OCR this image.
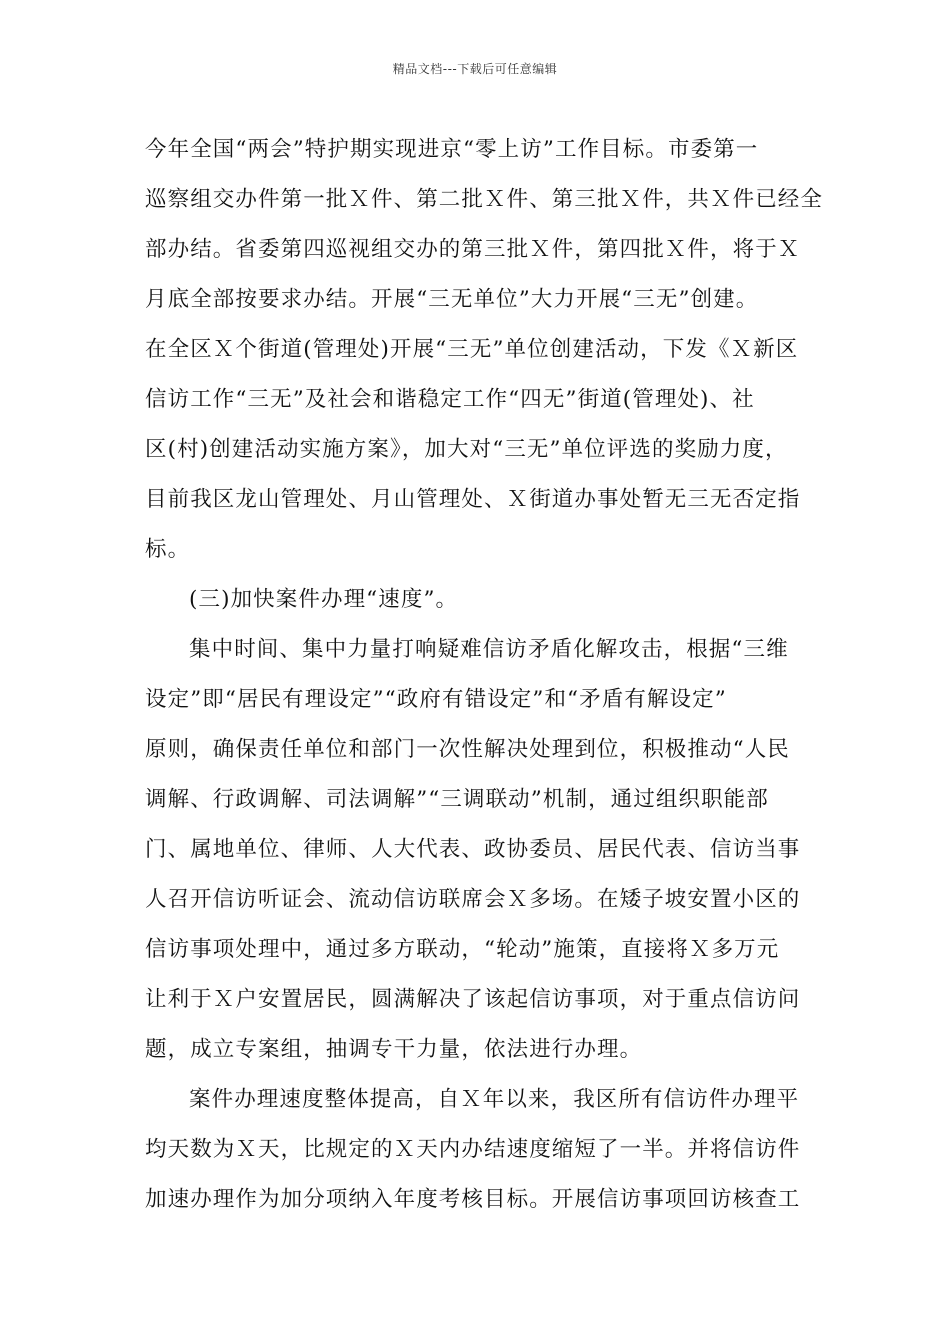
精品文档---下载后可任意编辑
今年全国“两会”特护期实现进京“零上访”工作目标。市委第一
巡察组交办件第一批Ｘ件、第二批Ｘ件、第三批Ｘ件，共Ｘ件已经全
部办结。省委第四巡视组交办的第三批Ｘ件，第四批Ｘ件，将于Ｘ
月底全部按要求办结。开展“三无单位”大力开展“三无”创建。
在全区Ｘ个街道(管理处)开展“三无”单位创建活动，下发《Ｘ新区
信访工作“三无”及社会和谐稳定工作“四无”街道(管理处)、社
区(村)创建活动实施方案》，加大对“三无”单位评选的奖励力度，
目前我区龙山管理处、月山管理处、Ｘ街道办事处暂无三无否定指
标。
(三)加快案件办理“速度”。
集中时间、集中力量打响疑难信访矛盾化解攻击，根据“三维
设定”即“居民有理设定”“政府有错设定”和“矛盾有解设定”
原则，确保责任单位和部门一次性解决处理到位，积极推动“人民
调解、行政调解、司法调解”“三调联动”机制，通过组织职能部
门、属地单位、律师、人大代表、政协委员、居民代表、信访当事
人召开信访听证会、流动信访联席会Ｘ多场。在矮子坡安置小区的
信访事项处理中，通过多方联动，“轮动”施策，直接将Ｘ多万元
让利于Ｘ户安置居民，圆满解决了该起信访事项，对于重点信访问
题，成立专案组，抽调专干力量，依法进行办理。
案件办理速度整体提高，自Ｘ年以来，我区所有信访件办理平
均天数为Ｘ天，比规定的Ｘ天内办结速度缩短了一半。并将信访件
加速办理作为加分项纳入年度考核目标。开展信访事项回访核查工
